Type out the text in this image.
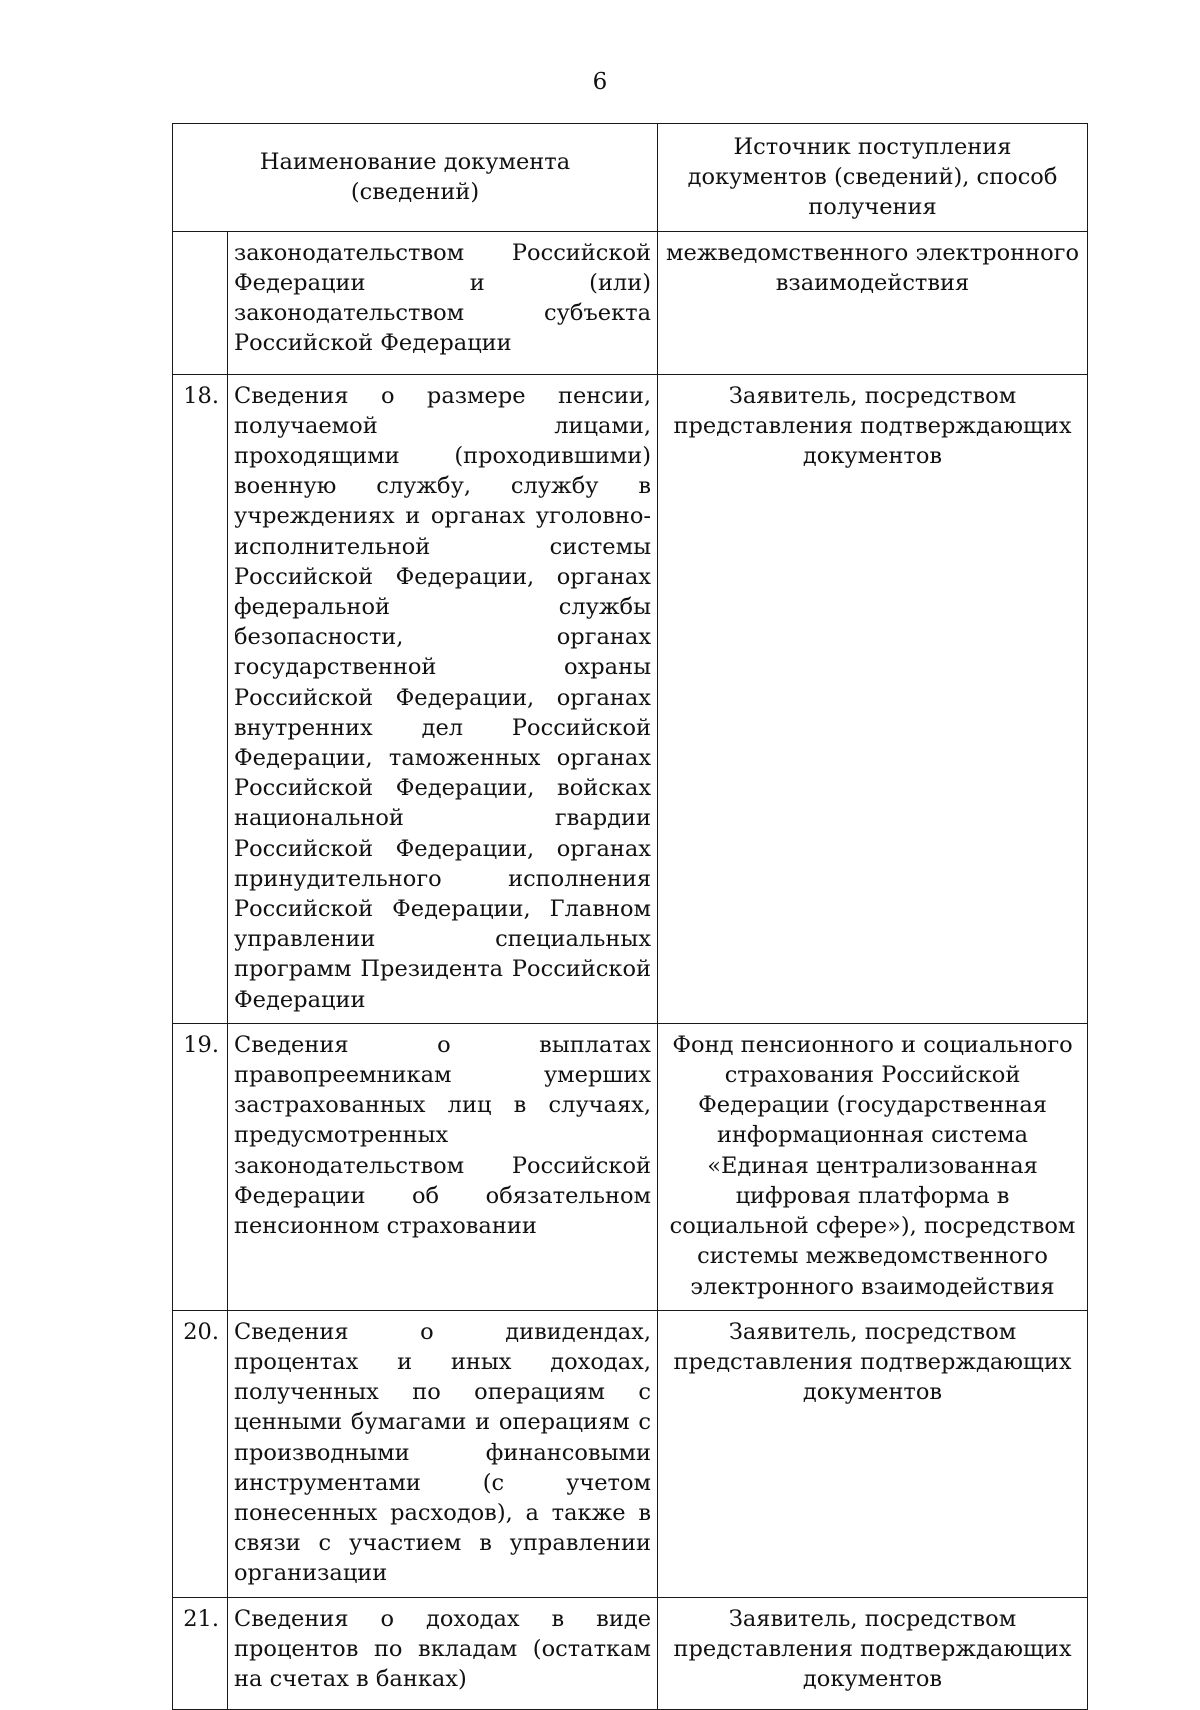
6
Наименование документа (сведений)		Источник поступления документов (сведений), способ получения
	законодательством Российской Федерации и (или) законодательством субъекта Российской Федерации	межведомственного электронного взаимодействия
18.	Сведения о размере пенсии, получаемой лицами, проходящими (проходившими) военную службу, службу в учреждениях и органах уголовно-исполнительной системы Российской Федерации, органах федеральной службы безопасности, органах государственной охраны Российской Федерации, органах внутренних дел Российской Федерации, таможенных органах Российской Федерации, войсках национальной гвардии Российской Федерации, органах принудительного исполнения Российской Федерации, Главном управлении специальных программ Президента Российской Федерации	Заявитель, посредством представления подтверждающих документов
19.	Сведения о выплатах правопреемникам умерших застрахованных лиц в случаях, предусмотренных законодательством Российской Федерации об обязательном пенсионном страховании	Фонд пенсионного и социального страхования Российской Федерации (государственная информационная система «Единая централизованная цифровая платформа в социальной сфере»), посредством системы межведомственного электронного взаимодействия
20.	Сведения о дивидендах, процентах и иных доходах, полученных по операциям с ценными бумагами и операциям с производными финансовыми инструментами (с учетом понесенных расходов), а также в связи с участием в управлении организации	Заявитель, посредством представления подтверждающих документов
21.	Сведения о доходах в виде процентов по вкладам (остаткам на счетах в банках)	Заявитель, посредством представления подтверждающих документов
